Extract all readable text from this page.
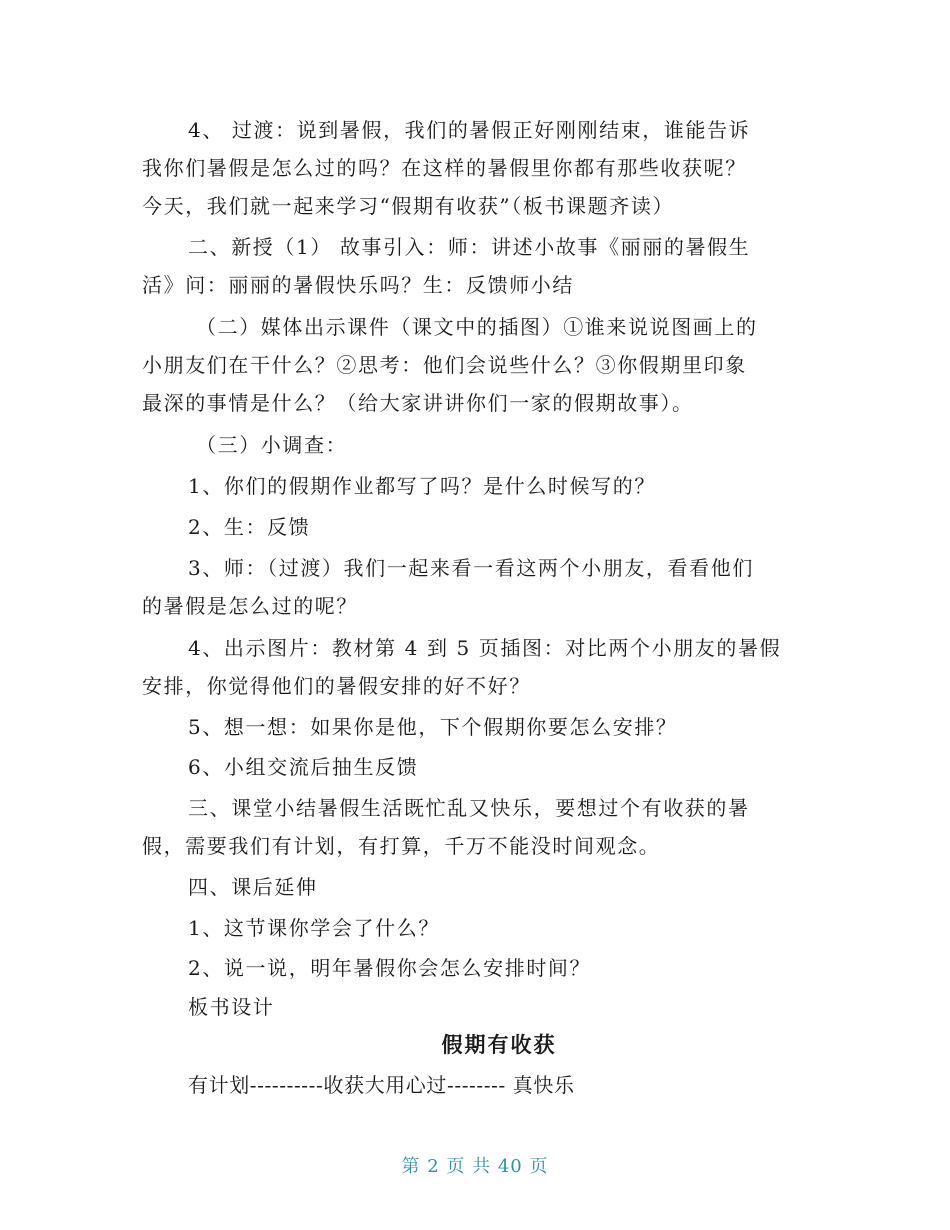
4、 过渡：说到暑假，我们的暑假正好刚刚结束，谁能告诉
我你们暑假是怎么过的吗？在这样的暑假里你都有那些收获呢？
今天，我们就一起来学习“假期有收获”（板书课题齐读）
二、新授（1） 故事引入：师：讲述小故事《丽丽的暑假生
活》问：丽丽的暑假快乐吗？生：反馈师小结
（二）媒体出示课件（课文中的插图）①谁来说说图画上的
小朋友们在干什么？②思考：他们会说些什么？③你假期里印象
最深的事情是什么？（给大家讲讲你们一家的假期故事）。
（三）小调查：
1、你们的假期作业都写了吗？是什么时候写的？
2、生：反馈
3、师：（过渡）我们一起来看一看这两个小朋友，看看他们
的暑假是怎么过的呢？
4、出示图片：教材第 4 到 5 页插图：对比两个小朋友的暑假
安排，你觉得他们的暑假安排的好不好？
5、想一想：如果你是他，下个假期你要怎么安排？
6、小组交流后抽生反馈
三、课堂小结暑假生活既忙乱又快乐，要想过个有收获的暑
假，需要我们有计划，有打算，千万不能没时间观念。
四、课后延伸
1、这节课你学会了什么？
2、说一说，明年暑假你会怎么安排时间？
板书设计
假期有收获
有计划----------收获大用心过-------- 真快乐
第 2 页 共 40 页
